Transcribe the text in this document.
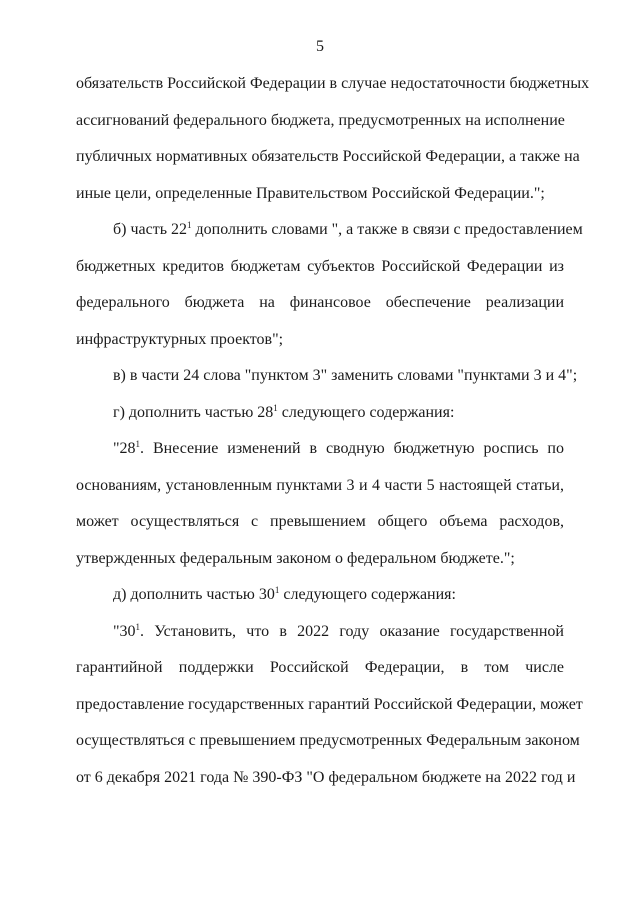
5
обязательств Российской Федерации в случае недостаточности бюджетных
ассигнований федерального бюджета, предусмотренных на исполнение
публичных нормативных обязательств Российской Федерации, а также на
иные цели, определенные Правительством Российской Федерации.";
б) часть $22^1$ дополнить словами ", а также в связи с предоставлением
бюджетных кредитов бюджетам субъектов Российской Федерации из
федерального бюджета на финансовое обеспечение реализации
инфраструктурных проектов";
в) в части 24 слова "пунктом 3" заменить словами "пунктами 3 и 4";
г) дополнить частью $28^1$ следующего содержания:
"$28^1$. Внесение изменений в сводную бюджетную роспись по
основаниям, установленным пунктами 3 и 4 части 5 настоящей статьи,
может осуществляться с превышением общего объема расходов,
утвержденных федеральным законом о федеральном бюджете.";
д) дополнить частью $30^1$ следующего содержания:
"$30^1$. Установить, что в 2022 году оказание государственной
гарантийной поддержки Российской Федерации, в том числе
предоставление государственных гарантий Российской Федерации, может
осуществляться с превышением предусмотренных Федеральным законом
от 6 декабря 2021 года № 390-ФЗ "О федеральном бюджете на 2022 год и
